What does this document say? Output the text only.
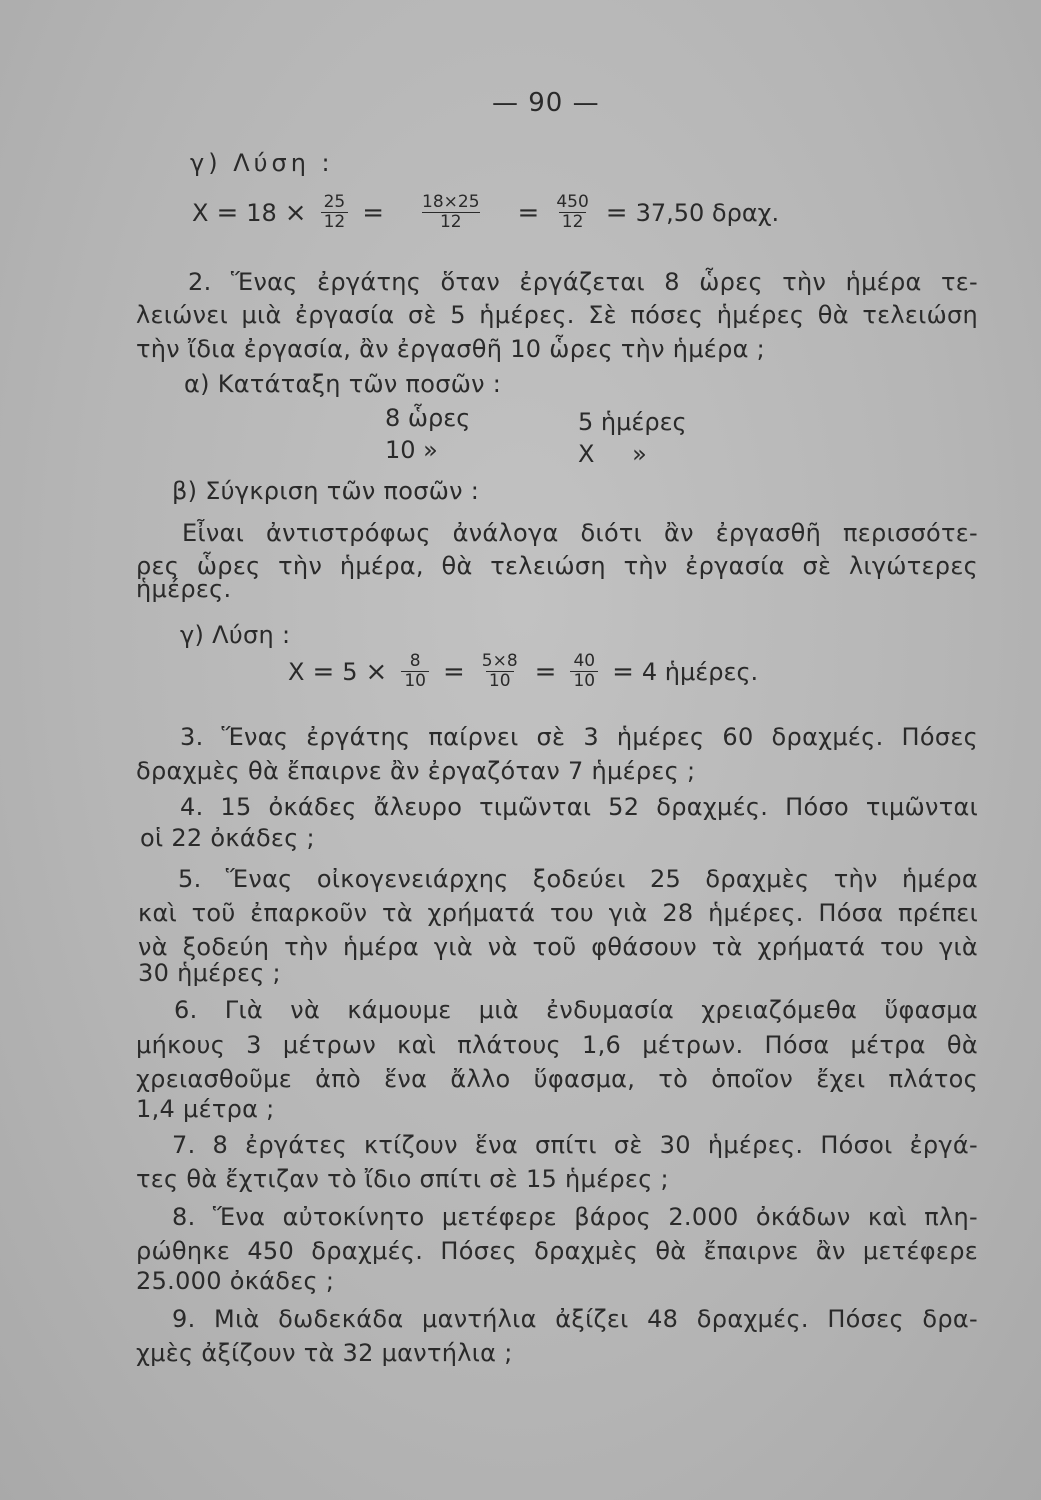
— 90 —
γ) Λύση :
$X = 18 \times \frac{25}{12} = \frac{18\times 25}{12} = \frac{450}{12} = 37,50$ δραχ.
2. Ἕνας ἐργάτης ὅταν ἐργάζεται 8 ὧρες τὴν ἡμέρα τε-
λειώνει μιὰ ἐργασία σὲ 5 ἡμέρες. Σὲ πόσες ἡμέρες θὰ τελειώση
τὴν ἴδια ἐργασία, ἂν ἐργασθῆ 10 ὧρες τὴν ἡμέρα ;
α) Κατάταξη τῶν ποσῶν :
8 ὧρες	5 ἡμέρες
10 »	X »
β) Σύγκριση τῶν ποσῶν :
Εἶναι ἀντιστρόφως ἀνάλογα διότι ἂν ἐργασθῆ περισσότε-
ρες ὧρες τὴν ἡμέρα, θὰ τελειώση τὴν ἐργασία σὲ λιγώτερες
ἡμέρες.
γ) Λύση :
$X = 5 \times \frac{8}{10} = \frac{5\times 8}{10} = \frac{40}{10} = 4$ ἡμέρες.
3. Ἕνας ἐργάτης παίρνει σὲ 3 ἡμέρες 60 δραχμές. Πόσες
δραχμὲς θὰ ἔπαιρνε ἂν ἐργαζόταν 7 ἡμέρες ;
4. 15 ὀκάδες ἄλευρο τιμῶνται 52 δραχμές. Πόσο τιμῶνται
οἱ 22 ὀκάδες ;
5. Ἕνας οἰκογενειάρχης ξοδεύει 25 δραχμὲς τὴν ἡμέρα
καὶ τοῦ ἐπαρκοῦν τὰ χρήματά του γιὰ 28 ἡμέρες. Πόσα πρέπει
νὰ ξοδεύη τὴν ἡμέρα γιὰ νὰ τοῦ φθάσουν τὰ χρήματά του γιὰ
30 ἡμέρες ;
6. Γιὰ νὰ κάμουμε μιὰ ἐνδυμασία χρειαζόμεθα ὕφασμα
μήκους 3 μέτρων καὶ πλάτους 1,6 μέτρων. Πόσα μέτρα θὰ
χρειασθοῦμε ἀπὸ ἕνα ἄλλο ὕφασμα, τὸ ὁποῖον ἔχει πλάτος
1,4 μέτρα ;
7. 8 ἐργάτες κτίζουν ἕνα σπίτι σὲ 30 ἡμέρες. Πόσοι ἐργά-
τες θὰ ἔχτιζαν τὸ ἴδιο σπίτι σὲ 15 ἡμέρες ;
8. Ἕνα αὐτοκίνητο μετέφερε βάρος 2.000 ὀκάδων καὶ πλη-
ρώθηκε 450 δραχμές. Πόσες δραχμὲς θὰ ἔπαιρνε ἂν μετέφερε
25.000 ὀκάδες ;
9. Μιὰ δωδεκάδα μαντήλια ἀξίζει 48 δραχμές. Πόσες δρα-
χμὲς ἀξίζουν τὰ 32 μαντήλια ;
